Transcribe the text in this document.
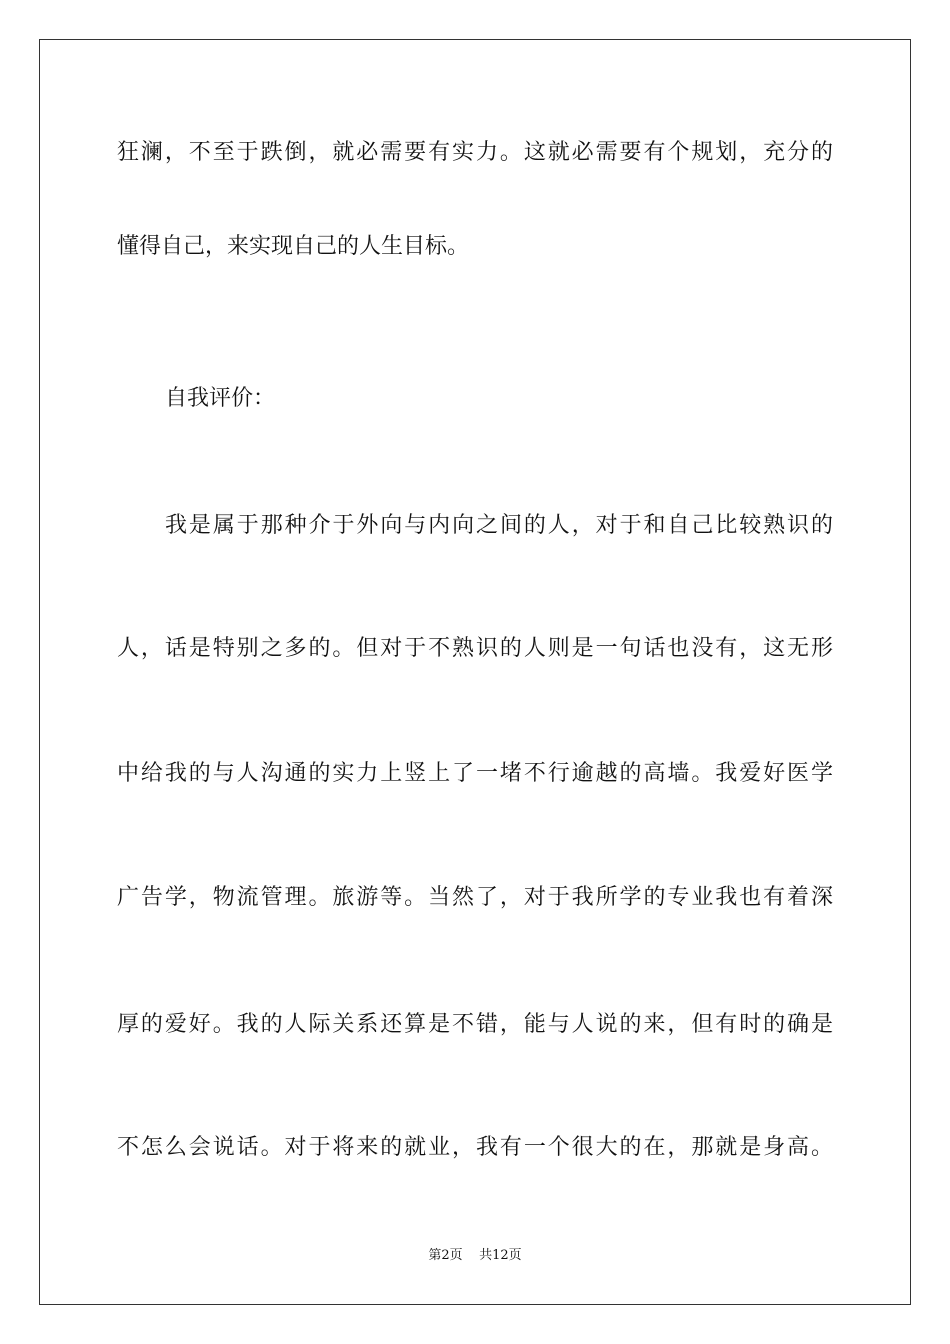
狂澜，不至于跌倒，就必需要有实力。这就必需要有个规划，充分的
懂得自己，来实现自己的人生目标。
自我评价：
我是属于那种介于外向与内向之间的人，对于和自己比较熟识的
人，话是特别之多的。但对于不熟识的人则是一句话也没有，这无形
中给我的与人沟通的实力上竖上了一堵不行逾越的高墙。我爱好医学
广告学，物流管理。旅游等。当然了，对于我所学的专业我也有着深
厚的爱好。我的人际关系还算是不错，能与人说的来，但有时的确是
不怎么会说话。对于将来的就业，我有一个很大的在，那就是身高。
第2页 共12页
